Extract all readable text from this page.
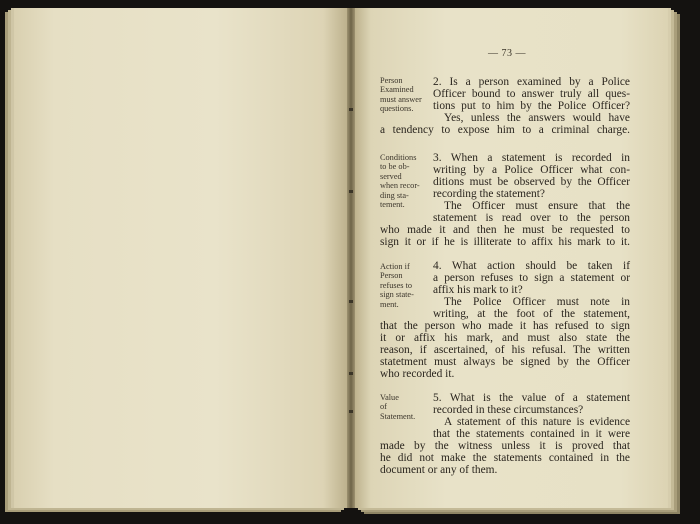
— 73 —
Person
Examined
must answer
questions.
2. Is a person examined by a Police
Officer bound to answer truly all ques-
tions put to him by the Police Officer?
Yes, unless the answers would have
a tendency to expose him to a criminal charge.
Conditions
to be ob-
served
when recor-
ding sta-
tement.
3. When a statement is recorded in
writing by a Police Officer what con-
ditions must be observed by the Officer
recording the statement?
The Officer must ensure that the
statement is read over to the person
who made it and then he must be requested to
sign it or if he is illiterate to affix his mark to it.
Action if
Person
refuses to
sign state-
ment.
4. What action should be taken if
a person refuses to sign a statement or
affix his mark to it?
The Police Officer must note in
writing, at the foot of the statement,
that the person who made it has refused to sign
it or affix his mark, and must also state the
reason, if ascertained, of his refusal. The written
statetment must always be signed by the Officer
who recorded it.
Value
of
Statement.
5. What is the value of a statement
recorded in these circumstances?
A statement of this nature is evidence
that the statements contained in it were
made by the witness unless it is proved that
he did not make the statements contained in the
document or any of them.
